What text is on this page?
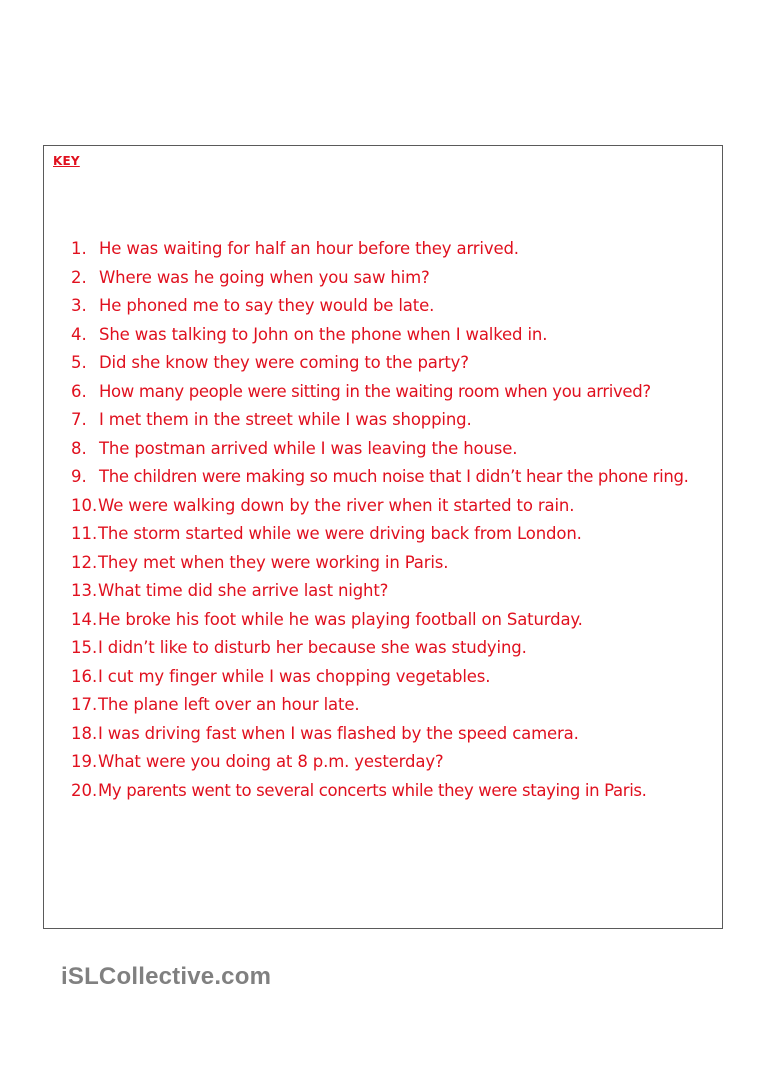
KEY
1. He was waiting for half an hour before they arrived.
2. Where was he going when you saw him?
3. He phoned me to say they would be late.
4. She was talking to John on the phone when I walked in.
5. Did she know they were coming to the party?
6. How many people were sitting in the waiting room when you arrived?
7. I met them in the street while I was shopping.
8. The postman arrived while I was leaving the house.
9. The children were making so much noise that I didn’t hear the phone ring.
10. We were walking down by the river when it started to rain.
11. The storm started while we were driving back from London.
12. They met when they were working in Paris.
13. What time did she arrive last night?
14. He broke his foot while he was playing football on Saturday.
15. I didn’t like to disturb her because she was studying.
16. I cut my finger while I was chopping vegetables.
17. The plane left over an hour late.
18. I was driving fast when I was flashed by the speed camera.
19. What were you doing at 8 p.m. yesterday?
20. My parents went to several concerts while they were staying in Paris.
iSLCollective.com
